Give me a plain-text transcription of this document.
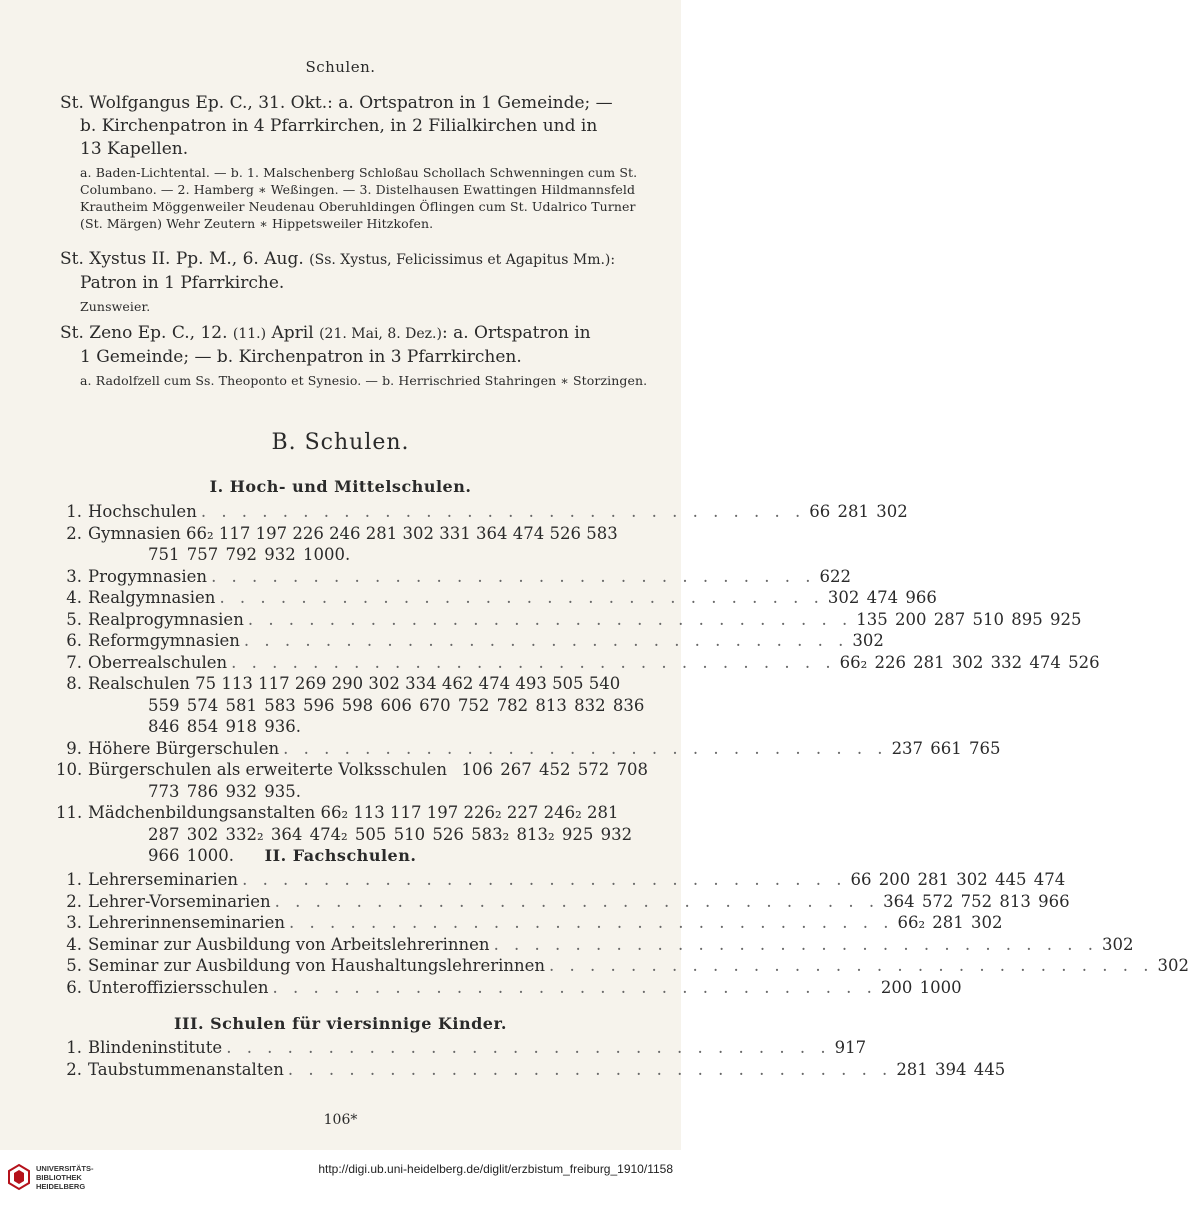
Schulen.
St. Wolfgangus Ep. C., 31. Okt.: a. Ortspatron in 1 Gemeinde; —
b. Kirchenpatron in 4 Pfarrkirchen, in 2 Filialkirchen und in
13 Kapellen.
a. Baden-Lichtental. — b. 1. Malschenberg Schloßau Schollach Schwenningen cum St. Columbano. — 2. Hamberg ∗ Weßingen. — 3. Distelhausen Ewattingen Hildmannsfeld Krautheim Möggenweiler Neudenau Oberuhldingen Öflingen cum St. Udalrico Turner (St. Märgen) Wehr Zeutern ∗ Hippetsweiler Hitzkofen.
St. Xystus II. Pp. M., 6. Aug. (Ss. Xystus, Felicissimus et Agapitus Mm.):
Patron in 1 Pfarrkirche.
Zunsweier.
St. Zeno Ep. C., 12. (11.) April (21. Mai, 8. Dez.): a. Ortspatron in
1 Gemeinde; — b. Kirchenpatron in 3 Pfarrkirchen.
a. Radolfzell cum Ss. Theoponto et Synesio. — b. Herrischried Stahringen ∗ Storzingen.
B. Schulen.
I. Hoch- und Mittelschulen.
1. Hochschulen . . . . . . . . . . . . . . . . . . . . . . . . . . . . . . 66 281 302
2. Gymnasien 66₂ 117 197 226 246 281 302 331 364 474 526 583
751 757 792 932 1000.
3. Progymnasien . . . . . . . . . . . . . . . . . . . . . . . . . . . . . . 622
4. Realgymnasien . . . . . . . . . . . . . . . . . . . . . . . . . . . . . . 302 474 966
5. Realprogymnasien . . . . . . . . . . . . . . . . . . . . . . . . . . . . . . 135 200 287 510 895 925
6. Reformgymnasien . . . . . . . . . . . . . . . . . . . . . . . . . . . . . . 302
7. Oberrealschulen . . . . . . . . . . . . . . . . . . . . . . . . . . . . . . 66₂ 226 281 302 332 474 526
8. Realschulen 75 113 117 269 290 302 334 462 474 493 505 540
559 574 581 583 596 598 606 670 752 782 813 832 836
846 854 918 936.
9. Höhere Bürgerschulen . . . . . . . . . . . . . . . . . . . . . . . . . . . . . . 237 661 765
10. Bürgerschulen als erweiterte Volksschulen 106 267 452 572 708
773 786 932 935.
11. Mädchenbildungsanstalten 66₂ 113 117 197 226₂ 227 246₂ 281
287 302 332₂ 364 474₂ 505 510 526 583₂ 813₂ 925 932
966 1000.	II. Fachschulen.
1. Lehrerseminarien . . . . . . . . . . . . . . . . . . . . . . . . . . . . . . 66 200 281 302 445 474
2. Lehrer-Vorseminarien . . . . . . . . . . . . . . . . . . . . . . . . . . . . . . 364 572 752 813 966
3. Lehrerinnenseminarien . . . . . . . . . . . . . . . . . . . . . . . . . . . . . . 66₂ 281 302
4. Seminar zur Ausbildung von Arbeitslehrerinnen . . . . . . . . . . . . . . . . . . . . . . . . . . . . . . 302
5. Seminar zur Ausbildung von Haushaltungslehrerinnen . . . . . . . . . . . . . . . . . . . . . . . . . . . . . . 302
6. Unteroffiziersschulen . . . . . . . . . . . . . . . . . . . . . . . . . . . . . . 200 1000
III. Schulen für viersinnige Kinder.
1. Blindeninstitute . . . . . . . . . . . . . . . . . . . . . . . . . . . . . . 917
2. Taubstummenanstalten . . . . . . . . . . . . . . . . . . . . . . . . . . . . . . 281 394 445
106*
UNIVERSITÄTS-
BIBLIOTHEK
HEIDELBERG
http://digi.ub.uni-heidelberg.de/diglit/erzbistum_freiburg_1910/1158
